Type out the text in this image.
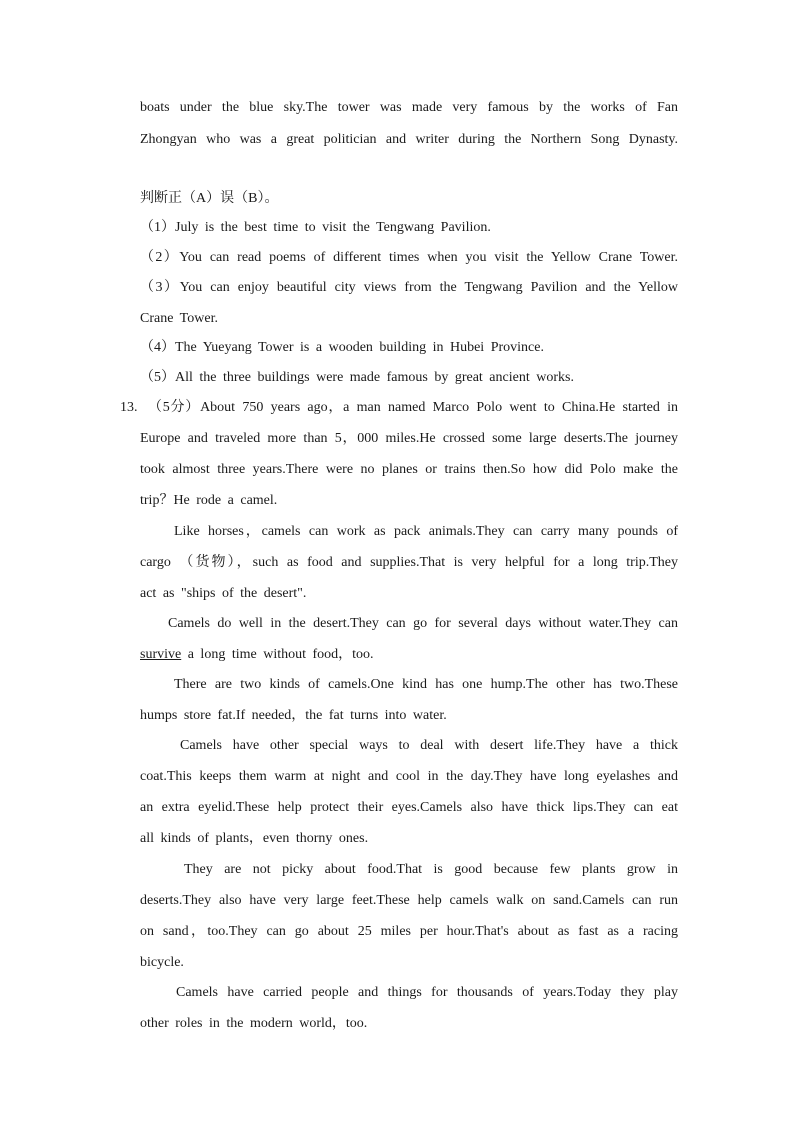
boats under the blue sky.The tower was made very famous by the works of Fan
Zhongyan who was a great politician and writer during the Northern Song Dynasty.
判断正（A）误（B）。
（1）July is the best time to visit the Tengwang Pavilion.
（2）You can read poems of different times when you visit the Yellow Crane Tower.
（3）You can enjoy beautiful city views from the Tengwang Pavilion and the Yellow
Crane Tower.
（4）The Yueyang Tower is a wooden building in Hubei Province.
（5）All the three buildings were made famous by great ancient works.
13. （5分）About 750 years ago，a man named Marco Polo went to China.He started in
Europe and traveled more than 5，000 miles.He crossed some large deserts.The journey
took almost three years.There were no planes or trains then.So how did Polo make the
trip？He rode a camel.
Like horses，camels can work as pack animals.They can carry many pounds of
cargo （货物），such as food and supplies.That is very helpful for a long trip.They
act as "ships of the desert".
Camels do well in the desert.They can go for several days without water.They can
survive a long time without food，too.
There are two kinds of camels.One kind has one hump.The other has two.These
humps store fat.If needed，the fat turns into water.
Camels have other special ways to deal with desert life.They have a thick
coat.This keeps them warm at night and cool in the day.They have long eyelashes and
an extra eyelid.These help protect their eyes.Camels also have thick lips.They can eat
all kinds of plants，even thorny ones.
They are not picky about food.That is good because few plants grow in
deserts.They also have very large feet.These help camels walk on sand.Camels can run
on sand，too.They can go about 25 miles per hour.That's about as fast as a racing
bicycle.
Camels have carried people and things for thousands of years.Today they play
other roles in the modern world，too.
